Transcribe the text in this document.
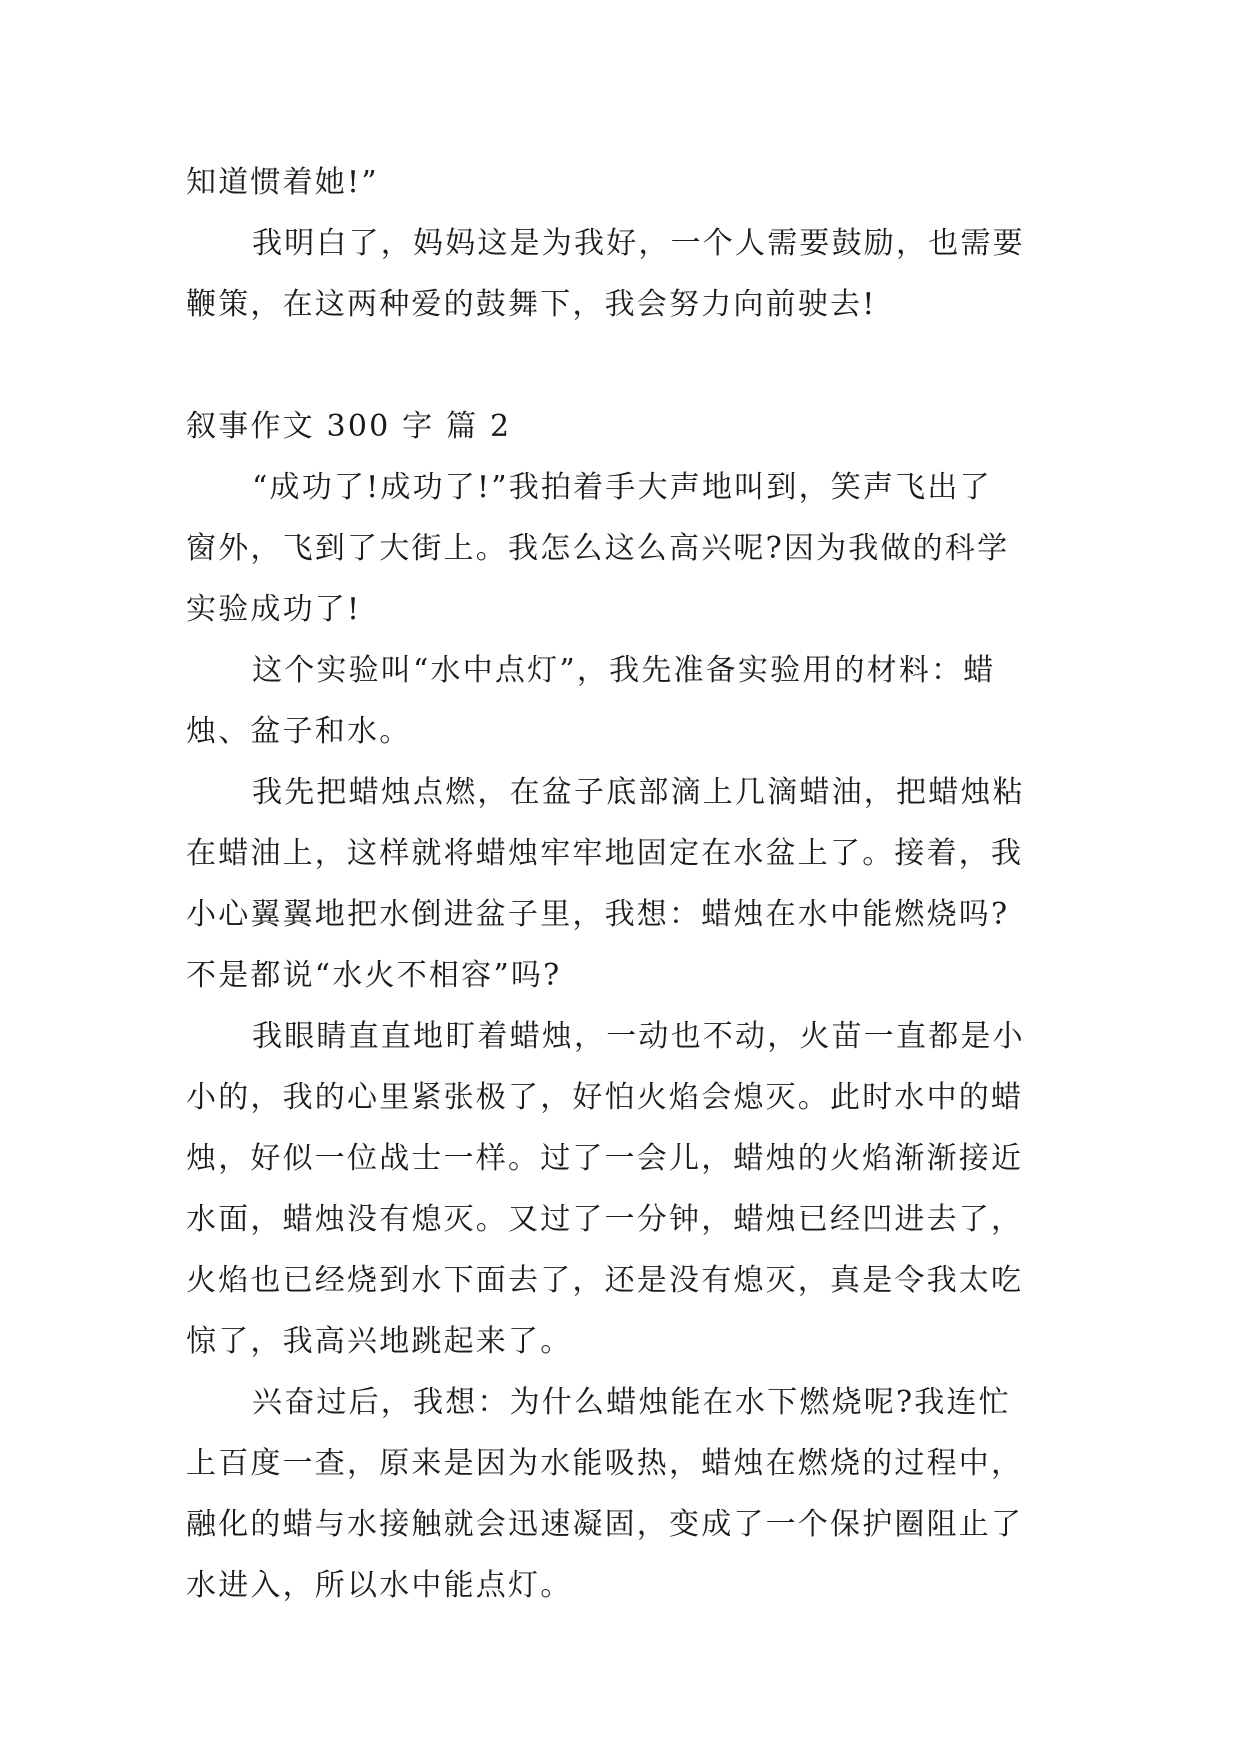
知道惯着她!”
我明白了，妈妈这是为我好，一个人需要鼓励，也需要
鞭策，在这两种爱的鼓舞下，我会努力向前驶去!
叙事作文 300 字 篇 2
“成功了!成功了!”我拍着手大声地叫到，笑声飞出了
窗外，飞到了大街上。我怎么这么高兴呢?因为我做的科学
实验成功了!
这个实验叫“水中点灯”，我先准备实验用的材料：蜡
烛、盆子和水。
我先把蜡烛点燃，在盆子底部滴上几滴蜡油，把蜡烛粘
在蜡油上，这样就将蜡烛牢牢地固定在水盆上了。接着，我
小心翼翼地把水倒进盆子里，我想：蜡烛在水中能燃烧吗?
不是都说“水火不相容”吗?
我眼睛直直地盯着蜡烛，一动也不动，火苗一直都是小
小的，我的心里紧张极了，好怕火焰会熄灭。此时水中的蜡
烛，好似一位战士一样。过了一会儿，蜡烛的火焰渐渐接近
水面，蜡烛没有熄灭。又过了一分钟，蜡烛已经凹进去了，
火焰也已经烧到水下面去了，还是没有熄灭，真是令我太吃
惊了，我高兴地跳起来了。
兴奋过后，我想：为什么蜡烛能在水下燃烧呢?我连忙
上百度一查，原来是因为水能吸热，蜡烛在燃烧的过程中，
融化的蜡与水接触就会迅速凝固，变成了一个保护圈阻止了
水进入，所以水中能点灯。
